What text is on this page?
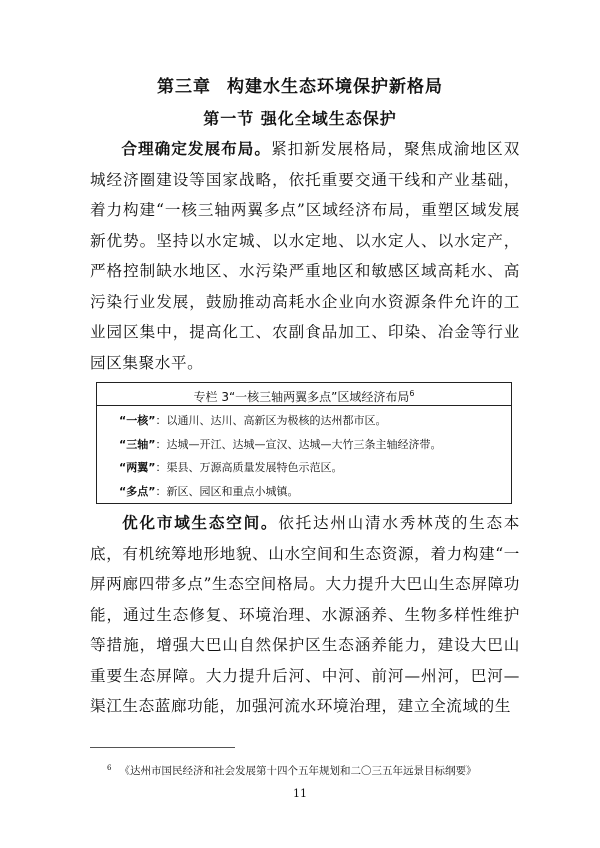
第三章 构建水生态环境保护新格局
第一节 强化全域生态保护

合理确定发展布局。紧扣新发展格局，聚焦成渝地区双城经济圈建设等国家战略，依托重要交通干线和产业基础，着力构建“一核三轴两翼多点”区域经济布局，重塑区域发展新优势。坚持以水定城、以水定地、以水定人、以水定产，严格控制缺水地区、水污染严重地区和敏感区域高耗水、高污染行业发展，鼓励推动高耗水企业向水资源条件允许的工业园区集中，提高化工、农副食品加工、印染、冶金等行业园区集聚水平。

专栏 3“一核三轴两翼多点”区域经济布局$^6$
“一核”：以通川、达川、高新区为极核的达州都市区。
“三轴”：达城—开江、达城—宣汉、达城—大竹三条主轴经济带。
“两翼”：渠县、万源高质量发展特色示范区。
“多点”：新区、园区和重点小城镇。

优化市域生态空间。依托达州山清水秀林茂的生态本底，有机统筹地形地貌、山水空间和生态资源，着力构建“一屏两廊四带多点”生态空间格局。大力提升大巴山生态屏障功能，通过生态修复、环境治理、水源涵养、生物多样性维护等措施，增强大巴山自然保护区生态涵养能力，建设大巴山重要生态屏障。大力提升后河、中河、前河—州河，巴河—渠江生态蓝廊功能，加强河流水环境治理，建立全流域的生

$^6$ 《达州市国民经济和社会发展第十四个五年规划和二〇三五年远景目标纲要》
11
